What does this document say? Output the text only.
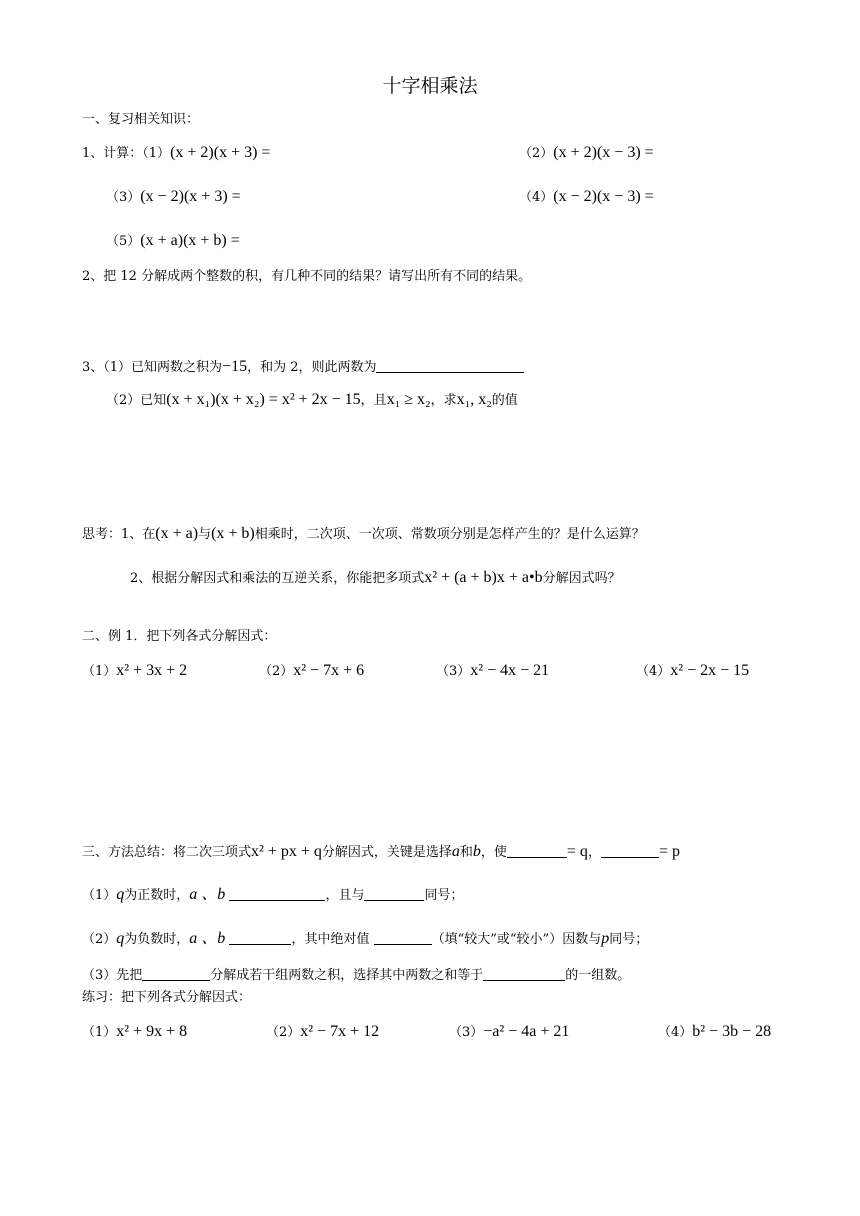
十字相乘法
一、复习相关知识：
1、计算：（1）(x + 2)(x + 3) =	（2）(x + 2)(x − 3) =
（3）(x − 2)(x + 3) =	（4）(x − 2)(x − 3) =
（5）(x + a)(x + b) =
2、把 12 分解成两个整数的积，有几种不同的结果？请写出所有不同的结果。
3、（1）已知两数之积为−15，和为 2，则此两数为
（2）已知(x + x₁)(x + x₂) = x² + 2x − 15，且x₁ ≥ x₂，求x₁, x₂的值
思考：1、在(x + a)与(x + b)相乘时，二次项、一次项、常数项分别是怎样产生的？是什么运算？
2、根据分解因式和乘法的互逆关系，你能把多项式x² + (a + b)x + a•b分解因式吗？
二、例 1．把下列各式分解因式：
（1）x² + 3x + 2	（2）x² − 7x + 6	（3）x² − 4x − 21	（4）x² − 2x − 15
三、方法总结：将二次三项式x² + px + q分解因式，关键是选择a和b，使	= q，	= p
（1）q为正数时，a 、b	，且与	同号；
（2）q为负数时，a 、b	，其中绝对值	（填“较大”或“较小”）因数与p同号；
（3）先把	分解成若干组两数之积，选择其中两数之和等于	的一组数。
练习：把下列各式分解因式：
（1）x² + 9x + 8	（2）x² − 7x + 12	（3）−a² − 4a + 21	（4）b² − 3b − 28
